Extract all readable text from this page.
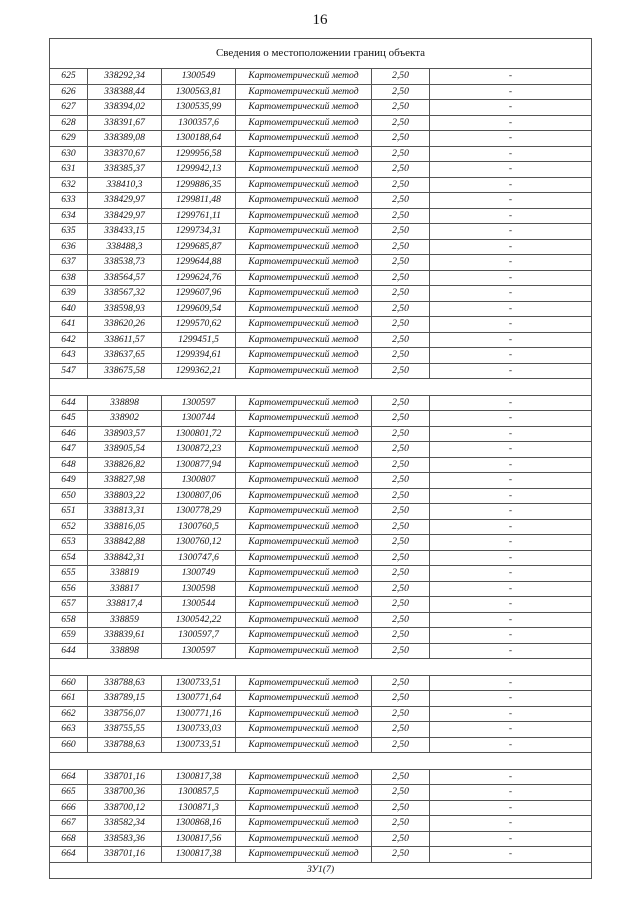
16
Сведения о местоположении границ объекта					
625	338292,34	1300549	Картометрический метод	2,50	-
626	338388,44	1300563,81	Картометрический метод	2,50	-
627	338394,02	1300535,99	Картометрический метод	2,50	-
628	338391,67	1300357,6	Картометрический метод	2,50	-
629	338389,08	1300188,64	Картометрический метод	2,50	-
630	338370,67	1299956,58	Картометрический метод	2,50	-
631	338385,37	1299942,13	Картометрический метод	2,50	-
632	338410,3	1299886,35	Картометрический метод	2,50	-
633	338429,97	1299811,48	Картометрический метод	2,50	-
634	338429,97	1299761,11	Картометрический метод	2,50	-
635	338433,15	1299734,31	Картометрический метод	2,50	-
636	338488,3	1299685,87	Картометрический метод	2,50	-
637	338538,73	1299644,88	Картометрический метод	2,50	-
638	338564,57	1299624,76	Картометрический метод	2,50	-
639	338567,32	1299607,96	Картометрический метод	2,50	-
640	338598,93	1299609,54	Картометрический метод	2,50	-
641	338620,26	1299570,62	Картометрический метод	2,50	-
642	338611,57	1299451,5	Картометрический метод	2,50	-
643	338637,65	1299394,61	Картометрический метод	2,50	-
547	338675,58	1299362,21	Картометрический метод	2,50	-

644	338898	1300597	Картометрический метод	2,50	-
645	338902	1300744	Картометрический метод	2,50	-
646	338903,57	1300801,72	Картометрический метод	2,50	-
647	338905,54	1300872,23	Картометрический метод	2,50	-
648	338826,82	1300877,94	Картометрический метод	2,50	-
649	338827,98	1300807	Картометрический метод	2,50	-
650	338803,22	1300807,06	Картометрический метод	2,50	-
651	338813,31	1300778,29	Картометрический метод	2,50	-
652	338816,05	1300760,5	Картометрический метод	2,50	-
653	338842,88	1300760,12	Картометрический метод	2,50	-
654	338842,31	1300747,6	Картометрический метод	2,50	-
655	338819	1300749	Картометрический метод	2,50	-
656	338817	1300598	Картометрический метод	2,50	-
657	338817,4	1300544	Картометрический метод	2,50	-
658	338859	1300542,22	Картометрический метод	2,50	-
659	338839,61	1300597,7	Картометрический метод	2,50	-
644	338898	1300597	Картометрический метод	2,50	-

660	338788,63	1300733,51	Картометрический метод	2,50	-
661	338789,15	1300771,64	Картометрический метод	2,50	-
662	338756,07	1300771,16	Картометрический метод	2,50	-
663	338755,55	1300733,03	Картометрический метод	2,50	-
660	338788,63	1300733,51	Картометрический метод	2,50	-

664	338701,16	1300817,38	Картометрический метод	2,50	-
665	338700,36	1300857,5	Картометрический метод	2,50	-
666	338700,12	1300871,3	Картометрический метод	2,50	-
667	338582,34	1300868,16	Картометрический метод	2,50	-
668	338583,36	1300817,56	Картометрический метод	2,50	-
664	338701,16	1300817,38	Картометрический метод	2,50	-
ЗУ1(7)					
